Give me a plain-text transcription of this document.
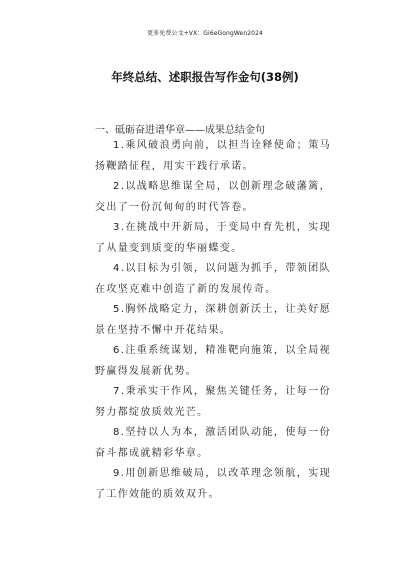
更多免费公文+VX：Gi6eGongWen2024
年终总结、述职报告写作金句(38例)
一、砥砺奋进谱华章——成果总结金句

1.乘风破浪勇向前，以担当诠释使命；策马扬鞭踏征程，用实干践行承诺。

2.以战略思维谋全局，以创新理念破藩篱，交出了一份沉甸甸的时代答卷。

3.在挑战中开新局，于变局中育先机，实现了从量变到质变的华丽蝶变。

4.以目标为引领，以问题为抓手，带领团队在攻坚克难中创造了新的发展传奇。

5.胸怀战略定力，深耕创新沃土，让美好愿景在坚持不懈中开花结果。

6.注重系统谋划，精准靶向施策，以全局视野赢得发展新优势。

7.秉承实干作风，聚焦关键任务，让每一份努力都绽放质效光芒。

8.坚持以人为本，激活团队动能，使每一份奋斗都成就精彩华章。

9.用创新思维破局，以改革理念领航，实现了工作效能的质效双升。
